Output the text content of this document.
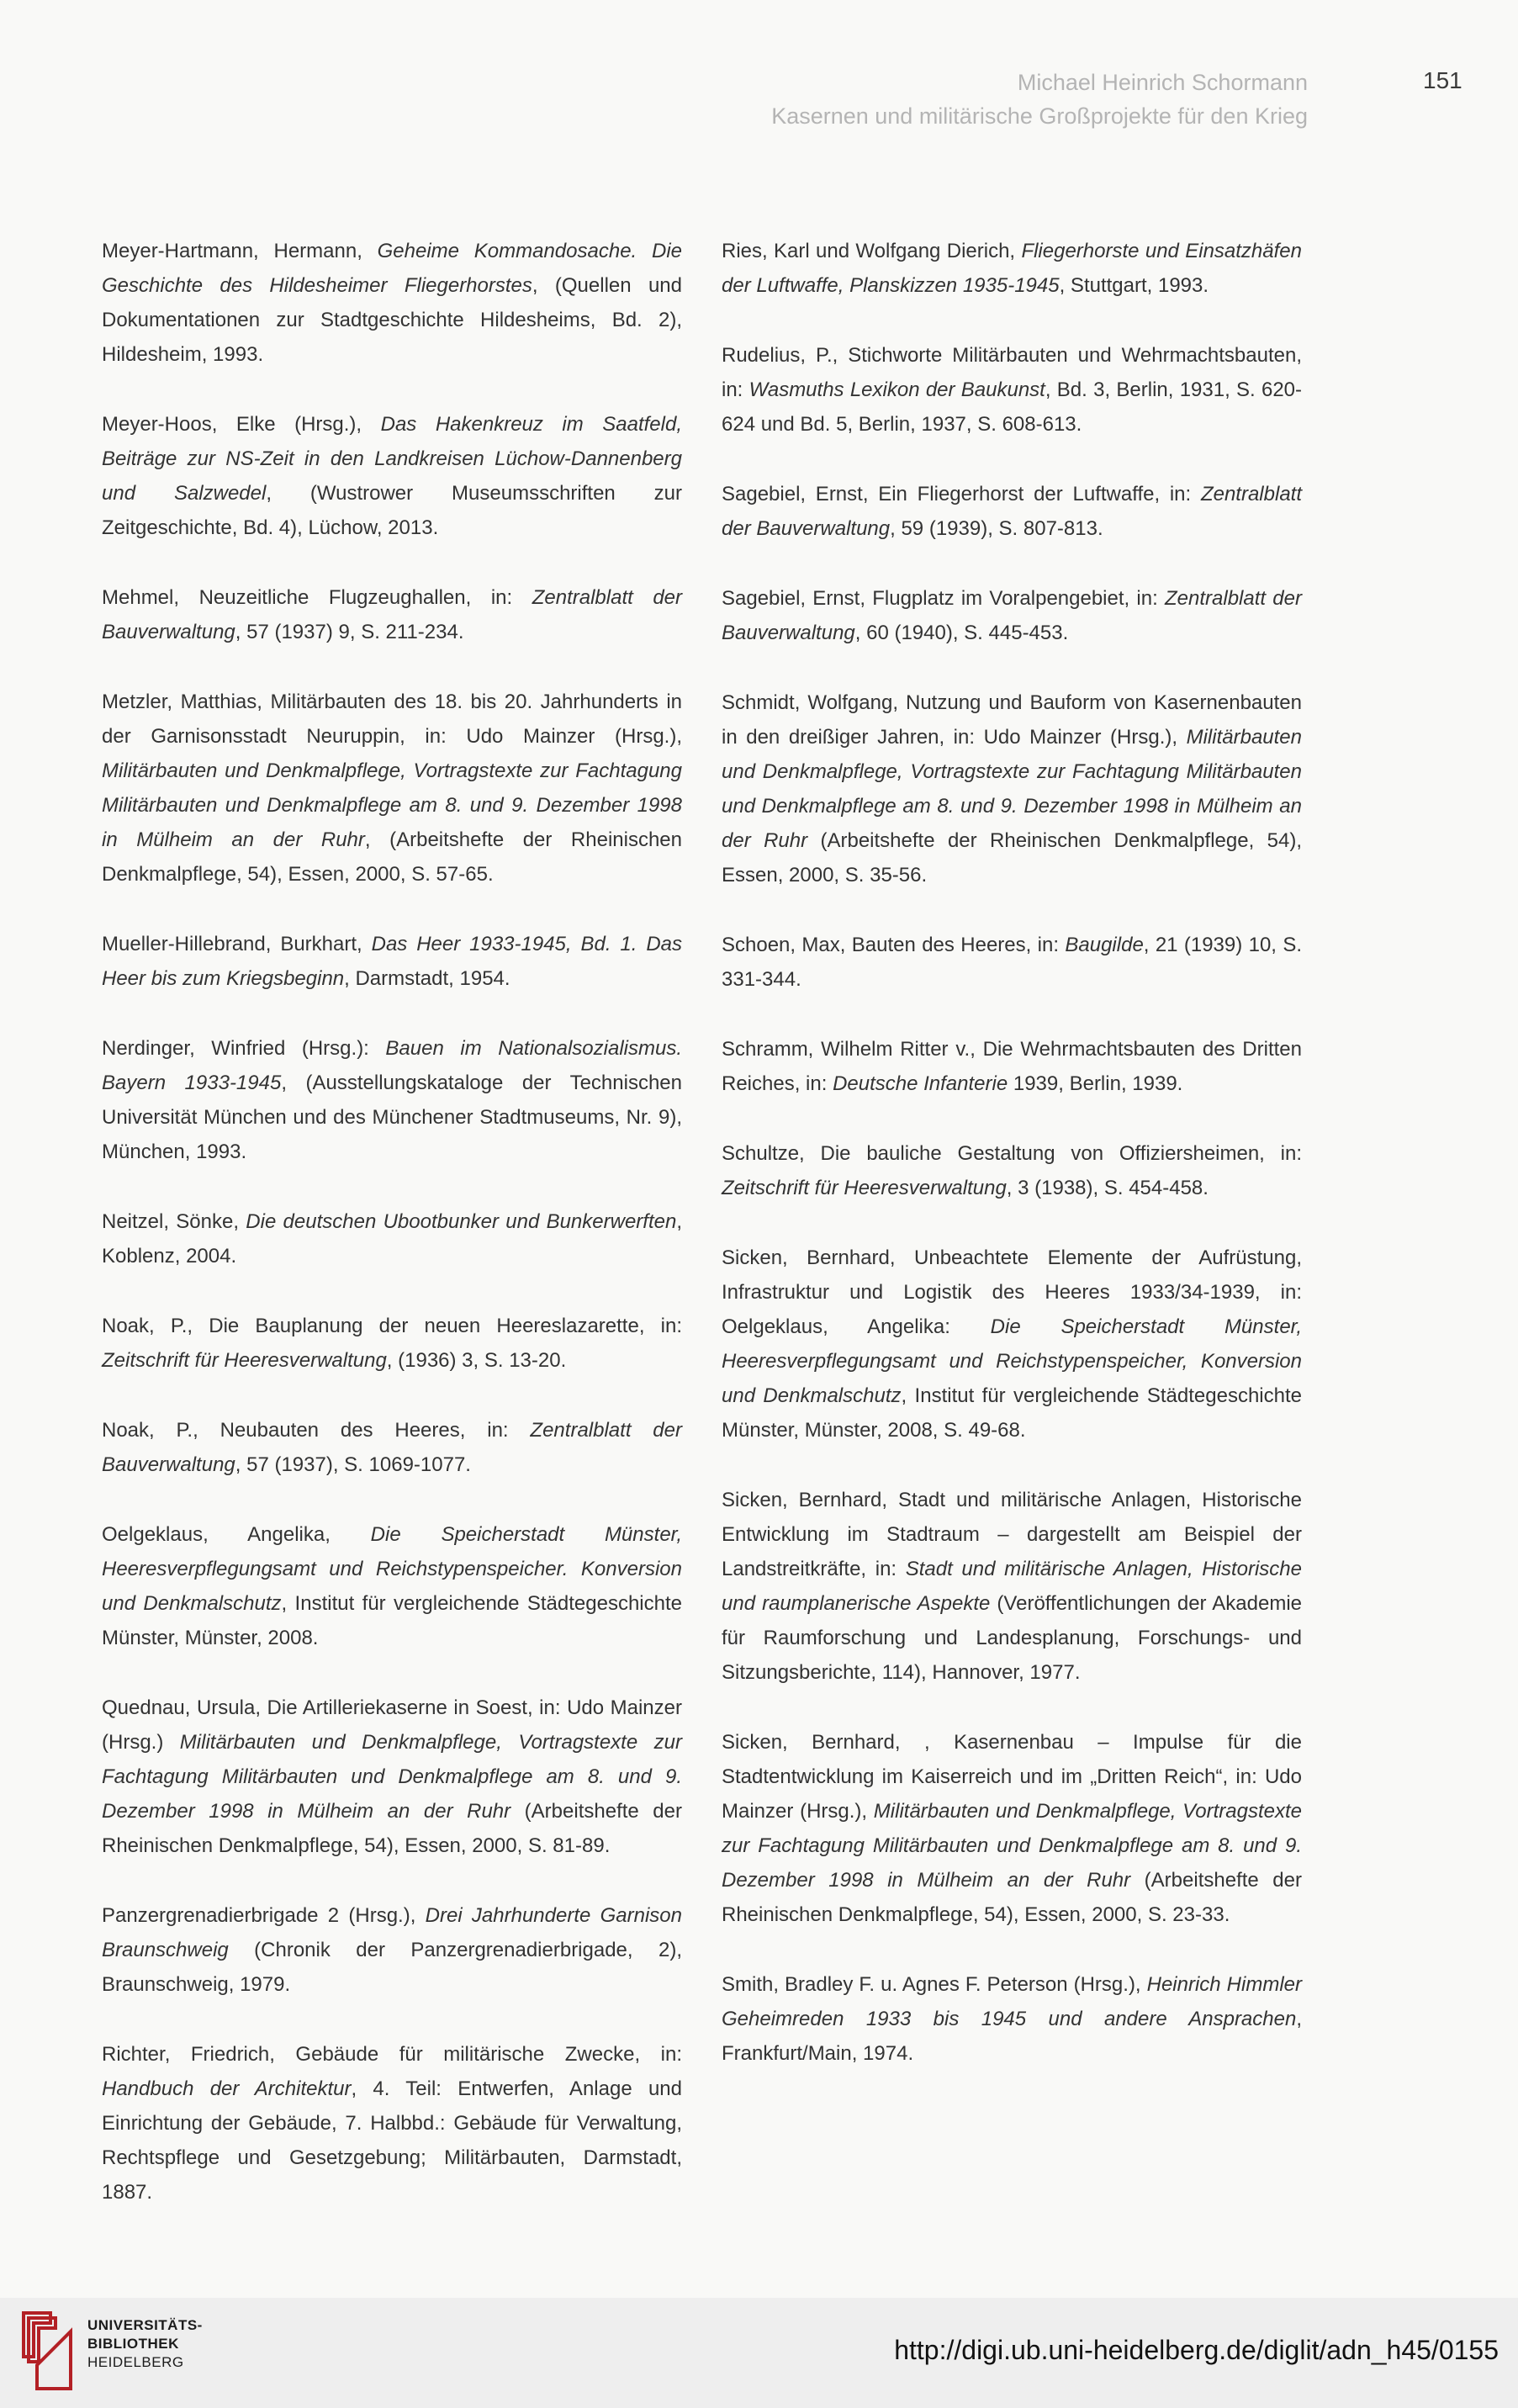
Michael Heinrich Schormann
Kasernen und militärische Großprojekte für den Krieg
151

Meyer-Hartmann, Hermann, Geheime Kommandosache. Die Geschichte des Hildesheimer Fliegerhorstes, (Quellen und Dokumentationen zur Stadtgeschichte Hildesheims, Bd. 2), Hildesheim, 1993.

Meyer-Hoos, Elke (Hrsg.), Das Hakenkreuz im Saatfeld, Beiträge zur NS-Zeit in den Landkreisen Lüchow-Dannenberg und Salzwedel, (Wustrower Museumsschriften zur Zeitgeschichte, Bd. 4), Lüchow, 2013.

Mehmel, Neuzeitliche Flugzeughallen, in: Zentralblatt der Bauverwaltung, 57 (1937) 9, S. 211-234.

Metzler, Matthias, Militärbauten des 18. bis 20. Jahrhunderts in der Garnisonsstadt Neuruppin, in: Udo Mainzer (Hrsg.), Militärbauten und Denkmalpflege, Vortragstexte zur Fachtagung Militärbauten und Denkmalpflege am 8. und 9. Dezember 1998 in Mülheim an der Ruhr, (Arbeitshefte der Rheinischen Denkmalpflege, 54), Essen, 2000, S. 57-65.

Mueller-Hillebrand, Burkhart, Das Heer 1933-1945, Bd. 1. Das Heer bis zum Kriegsbeginn, Darmstadt, 1954.

Nerdinger, Winfried (Hrsg.): Bauen im Nationalsozialismus. Bayern 1933-1945, (Ausstellungskataloge der Technischen Universität München und des Münchener Stadtmuseums, Nr. 9), München, 1993.

Neitzel, Sönke, Die deutschen Ubootbunker und Bunkerwerften, Koblenz, 2004.

Noak, P., Die Bauplanung der neuen Heereslazarette, in: Zeitschrift für Heeresverwaltung, (1936) 3, S. 13-20.

Noak, P., Neubauten des Heeres, in: Zentralblatt der Bauverwaltung, 57 (1937), S. 1069-1077.

Oelgeklaus, Angelika, Die Speicherstadt Münster, Heeresverpflegungsamt und Reichstypenspeicher. Konversion und Denkmalschutz, Institut für vergleichende Städtegeschichte Münster, Münster, 2008.

Quednau, Ursula, Die Artilleriekaserne in Soest, in: Udo Mainzer (Hrsg.) Militärbauten und Denkmalpflege, Vortragstexte zur Fachtagung Militärbauten und Denkmalpflege am 8. und 9. Dezember 1998 in Mülheim an der Ruhr (Arbeitshefte der Rheinischen Denkmalpflege, 54), Essen, 2000, S. 81-89.

Panzergrenadierbrigade 2 (Hrsg.), Drei Jahrhunderte Garnison Braunschweig (Chronik der Panzergrenadierbrigade, 2), Braunschweig, 1979.

Richter, Friedrich, Gebäude für militärische Zwecke, in: Handbuch der Architektur, 4. Teil: Entwerfen, Anlage und Einrichtung der Gebäude, 7. Halbbd.: Gebäude für Verwaltung, Rechtspflege und Gesetzgebung; Militärbauten, Darmstadt, 1887.

Ries, Karl und Wolfgang Dierich, Fliegerhorste und Einsatzhäfen der Luftwaffe, Planskizzen 1935-1945, Stuttgart, 1993.

Rudelius, P., Stichworte Militärbauten und Wehrmachtsbauten, in: Wasmuths Lexikon der Baukunst, Bd. 3, Berlin, 1931, S. 620-624 und Bd. 5, Berlin, 1937, S. 608-613.

Sagebiel, Ernst, Ein Fliegerhorst der Luftwaffe, in: Zentralblatt der Bauverwaltung, 59 (1939), S. 807-813.

Sagebiel, Ernst, Flugplatz im Voralpengebiet, in: Zentralblatt der Bauverwaltung, 60 (1940), S. 445-453.

Schmidt, Wolfgang, Nutzung und Bauform von Kasernenbauten in den dreißiger Jahren, in: Udo Mainzer (Hrsg.), Militärbauten und Denkmalpflege, Vortragstexte zur Fachtagung Militärbauten und Denkmalpflege am 8. und 9. Dezember 1998 in Mülheim an der Ruhr (Arbeitshefte der Rheinischen Denkmalpflege, 54), Essen, 2000, S. 35-56.

Schoen, Max, Bauten des Heeres, in: Baugilde, 21 (1939) 10, S. 331-344.

Schramm, Wilhelm Ritter v., Die Wehrmachtsbauten des Dritten Reiches, in: Deutsche Infanterie 1939, Berlin, 1939.

Schultze, Die bauliche Gestaltung von Offiziersheimen, in: Zeitschrift für Heeresverwaltung, 3 (1938), S. 454-458.

Sicken, Bernhard, Unbeachtete Elemente der Aufrüstung, Infrastruktur und Logistik des Heeres 1933/34-1939, in: Oelgeklaus, Angelika: Die Speicherstadt Münster, Heeresverpflegungsamt und Reichstypenspeicher, Konversion und Denkmalschutz, Institut für vergleichende Städtegeschichte Münster, Münster, 2008, S. 49-68.

Sicken, Bernhard, Stadt und militärische Anlagen, Historische Entwicklung im Stadtraum – dargestellt am Beispiel der Landstreitkräfte, in: Stadt und militärische Anlagen, Historische und raumplanerische Aspekte (Veröffentlichungen der Akademie für Raumforschung und Landesplanung, Forschungs- und Sitzungsberichte, 114), Hannover, 1977.

Sicken, Bernhard, , Kasernenbau – Impulse für die Stadtentwicklung im Kaiserreich und im „Dritten Reich“, in: Udo Mainzer (Hrsg.), Militärbauten und Denkmalpflege, Vortragstexte zur Fachtagung Militärbauten und Denkmalpflege am 8. und 9. Dezember 1998 in Mülheim an der Ruhr (Arbeitshefte der Rheinischen Denkmalpflege, 54), Essen, 2000, S. 23-33.

Smith, Bradley F. u. Agnes F. Peterson (Hrsg.), Heinrich Himmler Geheimreden 1933 bis 1945 und andere Ansprachen, Frankfurt/Main, 1974.

UNIVERSITÄTS-
BIBLIOTHEK
HEIDELBERG	http://digi.ub.uni-heidelberg.de/diglit/adn_h45/0155
